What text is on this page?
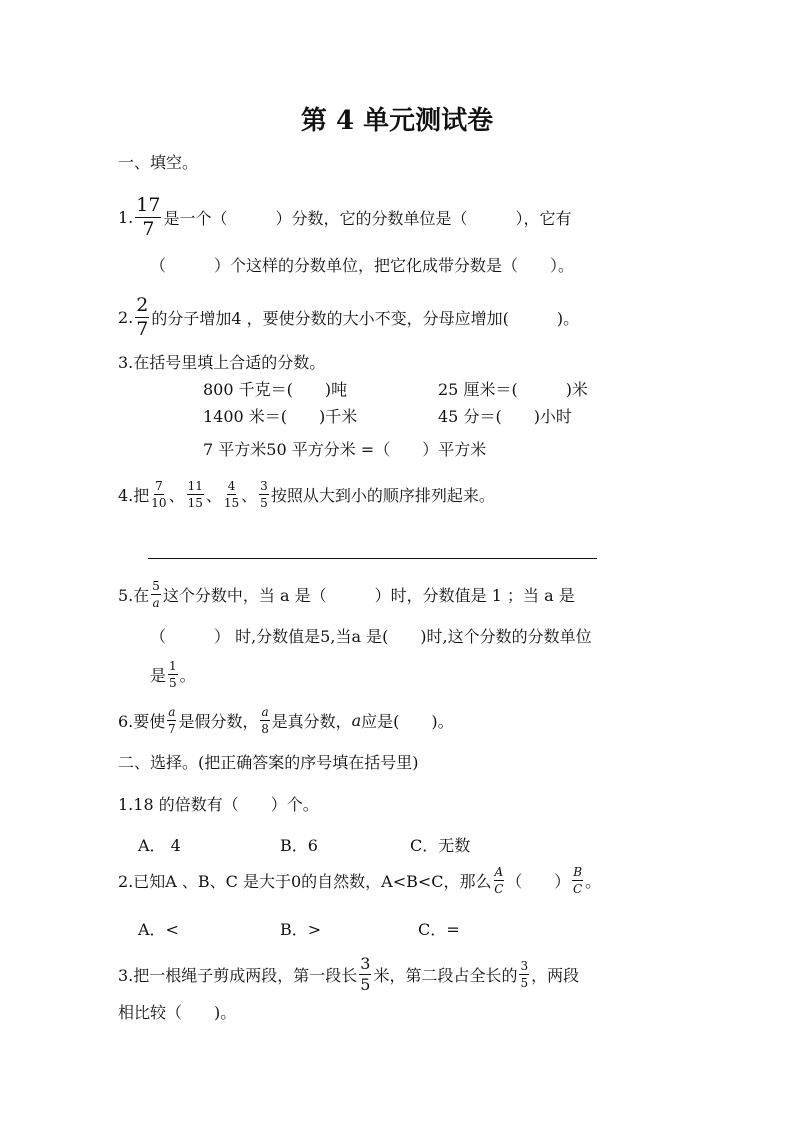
第 4 单元测试卷
一、填空。
1. $\frac{17}{7}$ 是一个（　　　）分数，它的分数单位是（　　　），它有
（　　　）个这样的分数单位，把它化成带分数是（　　）。
2. $\frac{2}{7}$ 的分子增加4 ，要使分数的大小不变，分母应增加(　　　)。
3.在括号里填上合适的分数。
800 千克＝(　　)吨	25 厘米＝(　　　)米
1400 米＝(　　)千米	45 分＝(　　)小时
7 平方米50 平方分米 =（　　）平方米
4.把 $\frac{7}{10}$ 、 $\frac{11}{15}$ 、 $\frac{4}{15}$ 、 $\frac{3}{5}$ 按照从大到小的顺序排列起来。
5.在 $\frac{5}{a}$ 这个分数中，当 a 是（　　　）时，分数值是 1 ；当 a 是
（　　　） 时,分数值是5,当a 是(　　)时,这个分数的分数单位
是 $\frac{1}{5}$ 。
6.要使 $\frac{a}{7}$ 是假分数， $\frac{a}{8}$ 是真分数， a 应是(　　)。
二、选择。(把正确答案的序号填在括号里)
1.18 的倍数有（　　）个。
A． 4	B．6	C．无数
2.已知A 、B、C 是大于0的自然数，A<B<C，那么 $\frac{A}{C}$ （　　） $\frac{B}{C}$ 。
A．<	B．>	C．=
3.把一根绳子剪成两段，第一段长 $\frac{3}{5}$ 米，第二段占全长的 $\frac{3}{5}$ ，两段
相比较（　　)。
